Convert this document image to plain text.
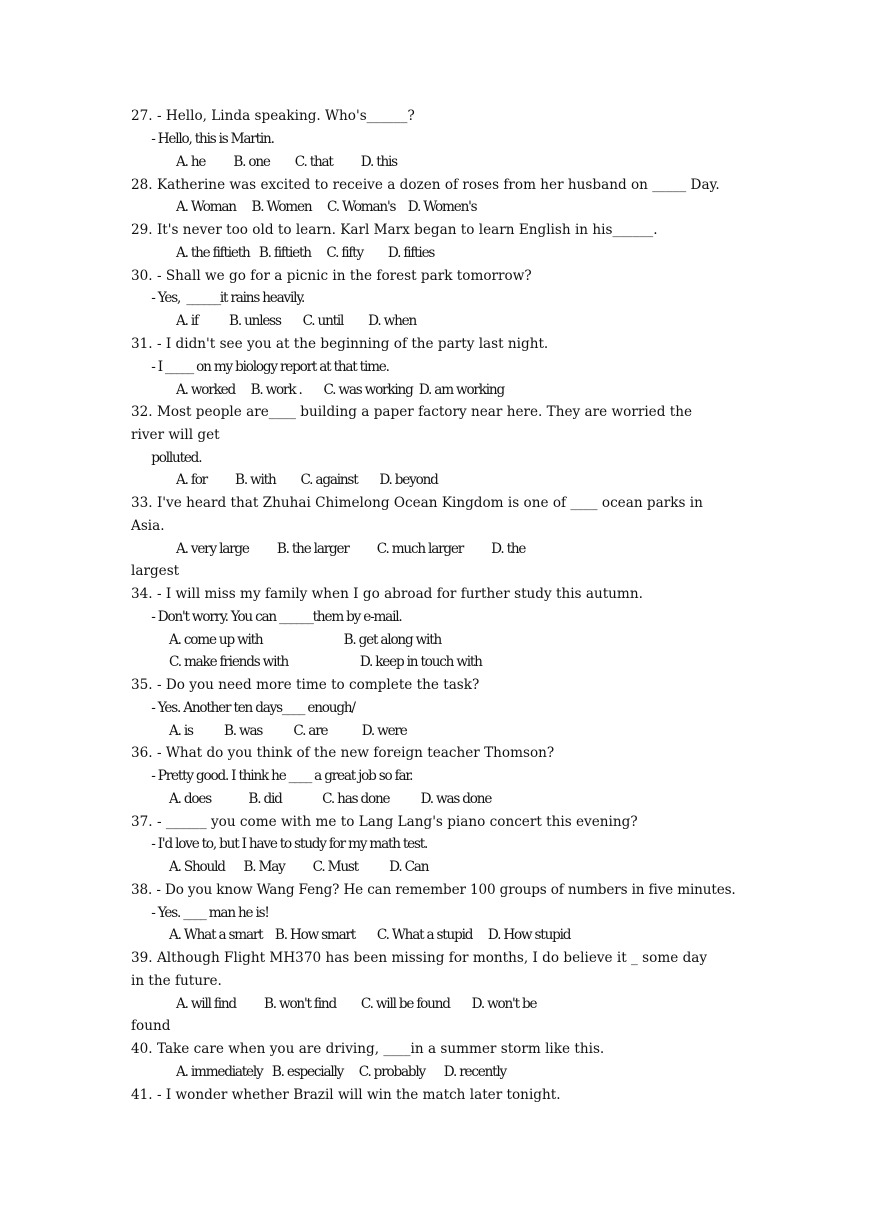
27. - Hello, Linda speaking. Who's______?
- Hello, this is Martin.
A. he         B. one        C. that         D. this
28. Katherine was excited to receive a dozen of roses from her husband on _____ Day.
A. Woman     B. Women     C. Woman's    D. Women's
29. It's never too old to learn. Karl Marx began to learn English in his______.
A. the fiftieth   B. fiftieth     C. fifty        D. fifties
30. - Shall we go for a picnic in the forest park tomorrow?
- Yes,  ______it rains heavily.
A. if          B. unless       C. until        D. when
31. - I didn't see you at the beginning of the party last night.
- I _____ on my biology report at that time.
A. worked     B. work .       C. was working  D. am working
32. Most people are____ building a paper factory near here. They are worried the
river will get
polluted.
A. for         B. with        C. against       D. beyond
33. I've heard that Zhuhai Chimelong Ocean Kingdom is one of ____ ocean parks in
Asia.
A. very large         B. the larger         C. much larger         D. the
largest
34. - I will miss my family when I go abroad for further study this autumn.
- Don't worry. You can ______them by e-mail.
A. come up with                          B. get along with
C. make friends with                       D. keep in touch with
35. - Do you need more time to complete the task?
- Yes. Another ten days____ enough/
A. is          B. was          C. are           D. were
36. - What do you think of the new foreign teacher Thomson?
- Pretty good. I think he ____ a great job so far.
A. does            B. did             C. has done          D. was done
37. - ______ you come with me to Lang Lang's piano concert this evening?
- I'd love to, but I have to study for my math test.
A. Should      B. May         C. Must          D. Can
38. - Do you know Wang Feng? He can remember 100 groups of numbers in five minutes.
- Yes. ____ man he is!
A. What a smart    B. How smart       C. What a stupid     D. How stupid
39. Although Flight MH370 has been missing for months, I do believe it _ some day
in the future.
A. will find         B. won't find        C. will be found       D. won't be
found
40. Take care when you are driving, ____in a summer storm like this.
A. immediately   B. especially     C. probably      D. recently
41. - I wonder whether Brazil will win the match later tonight.
